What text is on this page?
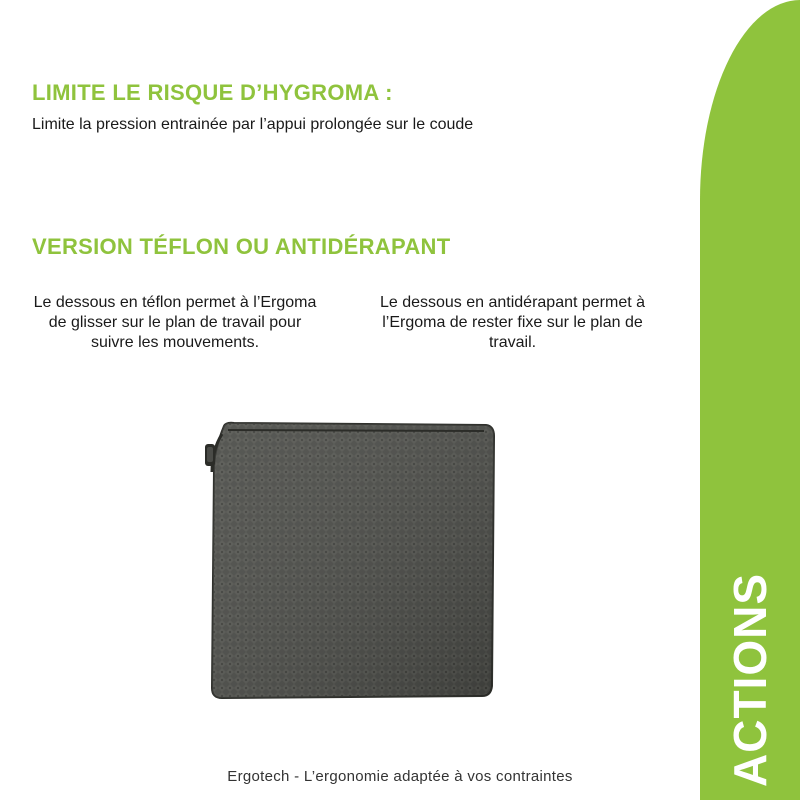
ACTIONS
LIMITE LE RISQUE D’HYGROMA :
Limite la pression entrainée par l’appui prolongée sur le coude
VERSION TÉFLON OU ANTIDÉRAPANT
Le dessous en téflon permet à l’Ergoma de glisser sur le plan de travail pour suivre les mouvements.
Le dessous en antidérapant permet à l’Ergoma de rester fixe sur le plan de travail.
Ergotech - L’ergonomie adaptée à vos contraintes
